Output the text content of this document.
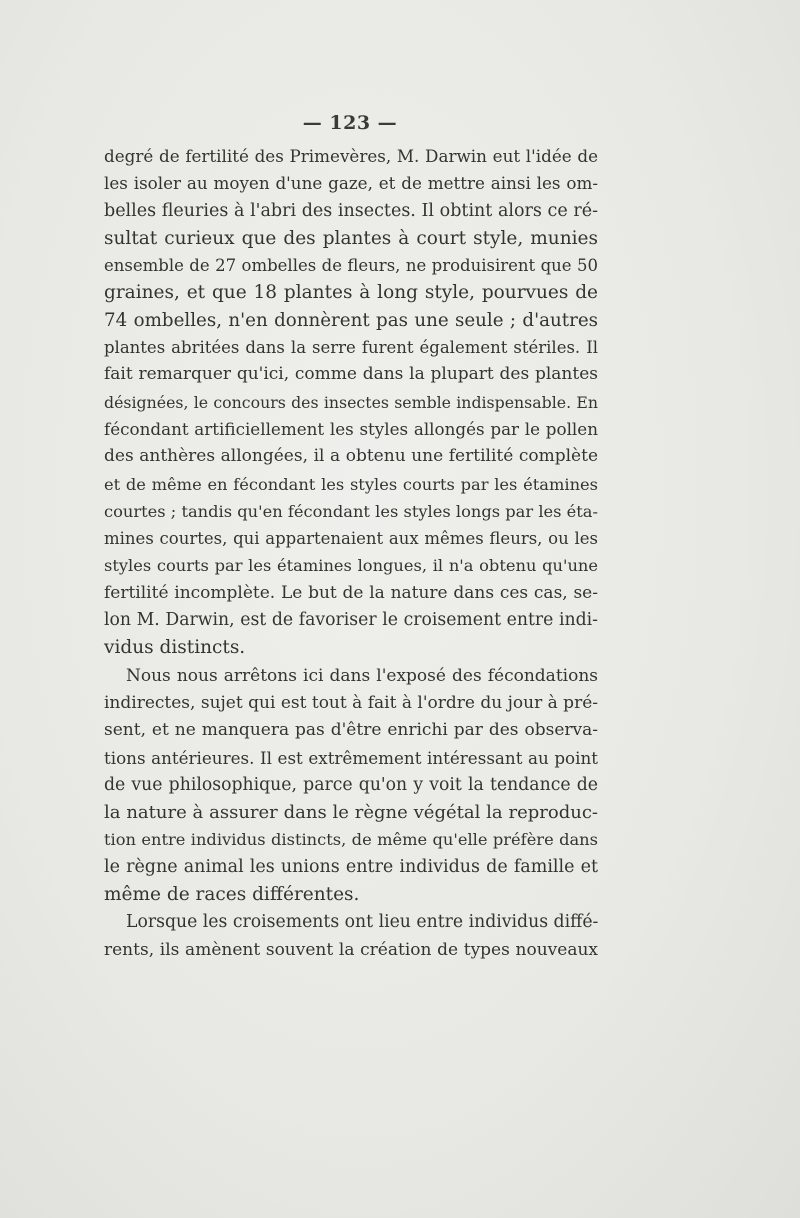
— 123 —
degré de fertilité des Primevères, M. Darwin eut l'idée de
les isoler au moyen d'une gaze, et de mettre ainsi les om-
belles fleuries à l'abri des insectes. Il obtint alors ce ré-
sultat curieux que des plantes à court style, munies
ensemble de 27 ombelles de fleurs, ne produisirent que 50
graines, et que 18 plantes à long style, pourvues de
74 ombelles, n'en donnèrent pas une seule ; d'autres
plantes abritées dans la serre furent également stériles. Il
fait remarquer qu'ici, comme dans la plupart des plantes
désignées, le concours des insectes semble indispensable. En
fécondant artificiellement les styles allongés par le pollen
des anthères allongées, il a obtenu une fertilité complète
et de même en fécondant les styles courts par les étamines
courtes ; tandis qu'en fécondant les styles longs par les éta-
mines courtes, qui appartenaient aux mêmes fleurs, ou les
styles courts par les étamines longues, il n'a obtenu qu'une
fertilité incomplète. Le but de la nature dans ces cas, se-
lon M. Darwin, est de favoriser le croisement entre indi-
vidus distincts.
Nous nous arrêtons ici dans l'exposé des fécondations
indirectes, sujet qui est tout à fait à l'ordre du jour à pré-
sent, et ne manquera pas d'être enrichi par des observa-
tions antérieures. Il est extrêmement intéressant au point
de vue philosophique, parce qu'on y voit la tendance de
la nature à assurer dans le règne végétal la reproduc-
tion entre individus distincts, de même qu'elle préfère dans
le règne animal les unions entre individus de famille et
même de races différentes.
Lorsque les croisements ont lieu entre individus diffé-
rents, ils amènent souvent la création de types nouveaux
